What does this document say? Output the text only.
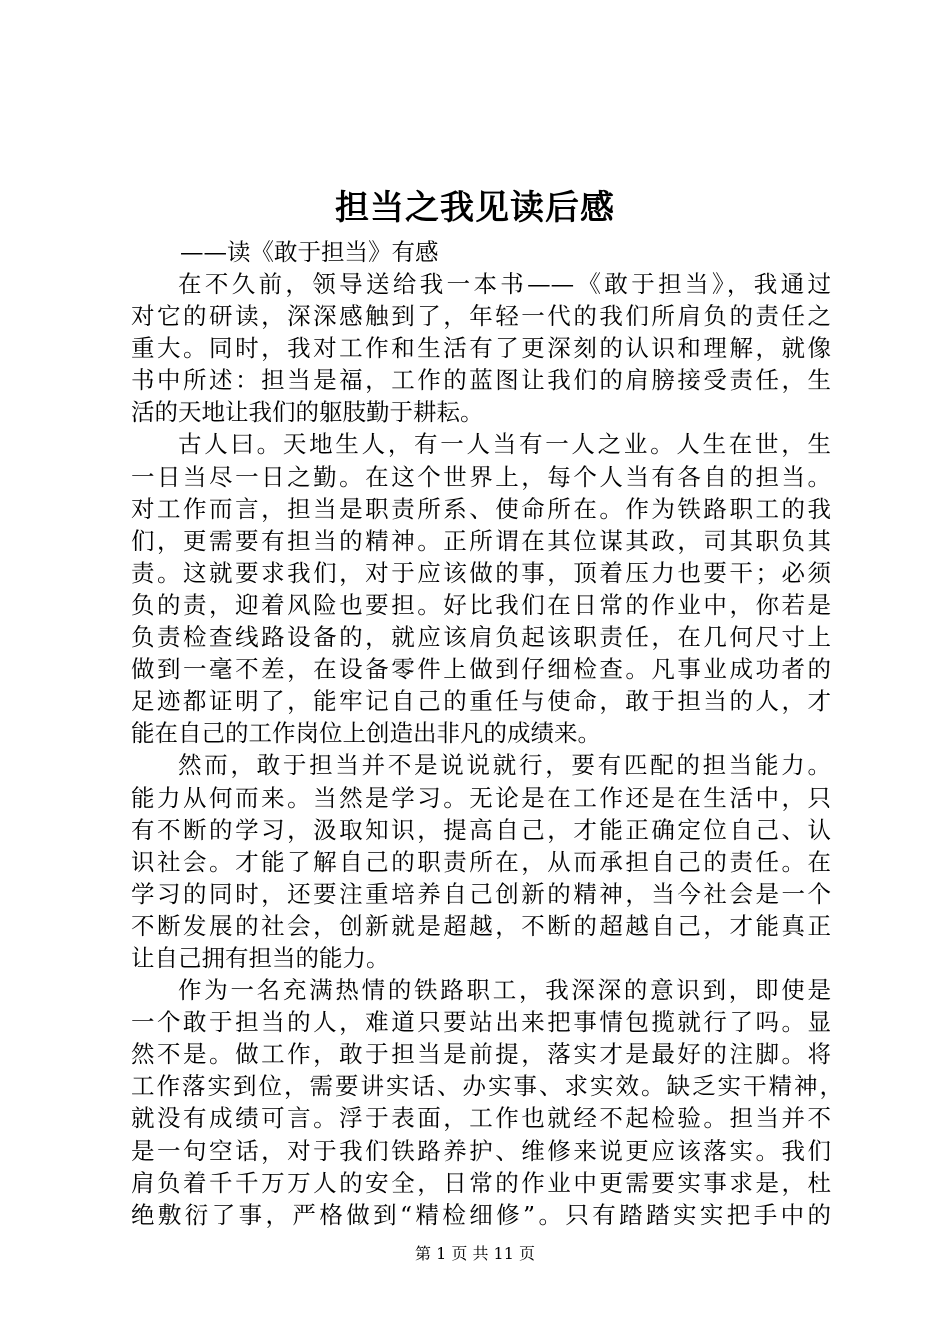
担当之我见读后感
——读《敢于担当》有感
在不久前，领导送给我一本书——《敢于担当》，我通过
对它的研读，深深感触到了，年轻一代的我们所肩负的责任之
重大。同时，我对工作和生活有了更深刻的认识和理解，就像
书中所述：担当是福，工作的蓝图让我们的肩膀接受责任，生
活的天地让我们的躯肢勤于耕耘。
古人曰。天地生人，有一人当有一人之业。人生在世，生
一日当尽一日之勤。在这个世界上，每个人当有各自的担当。
对工作而言，担当是职责所系、使命所在。作为铁路职工的我
们，更需要有担当的精神。正所谓在其位谋其政，司其职负其
责。这就要求我们，对于应该做的事，顶着压力也要干；必须
负的责，迎着风险也要担。好比我们在日常的作业中，你若是
负责检查线路设备的，就应该肩负起该职责任，在几何尺寸上
做到一毫不差，在设备零件上做到仔细检查。凡事业成功者的
足迹都证明了，能牢记自己的重任与使命，敢于担当的人，才
能在自己的工作岗位上创造出非凡的成绩来。
然而，敢于担当并不是说说就行，要有匹配的担当能力。
能力从何而来。当然是学习。无论是在工作还是在生活中，只
有不断的学习，汲取知识，提高自己，才能正确定位自己、认
识社会。才能了解自己的职责所在，从而承担自己的责任。在
学习的同时，还要注重培养自己创新的精神，当今社会是一个
不断发展的社会，创新就是超越，不断的超越自己，才能真正
让自己拥有担当的能力。
作为一名充满热情的铁路职工，我深深的意识到，即使是
一个敢于担当的人，难道只要站出来把事情包揽就行了吗。显
然不是。做工作，敢于担当是前提，落实才是最好的注脚。将
工作落实到位，需要讲实话、办实事、求实效。缺乏实干精神，
就没有成绩可言。浮于表面，工作也就经不起检验。担当并不
是一句空话，对于我们铁路养护、维修来说更应该落实。我们
肩负着千千万万人的安全，日常的作业中更需要实事求是，杜
绝敷衍了事，严格做到“精检细修”。只有踏踏实实把手中的
第 1 页 共 11 页
